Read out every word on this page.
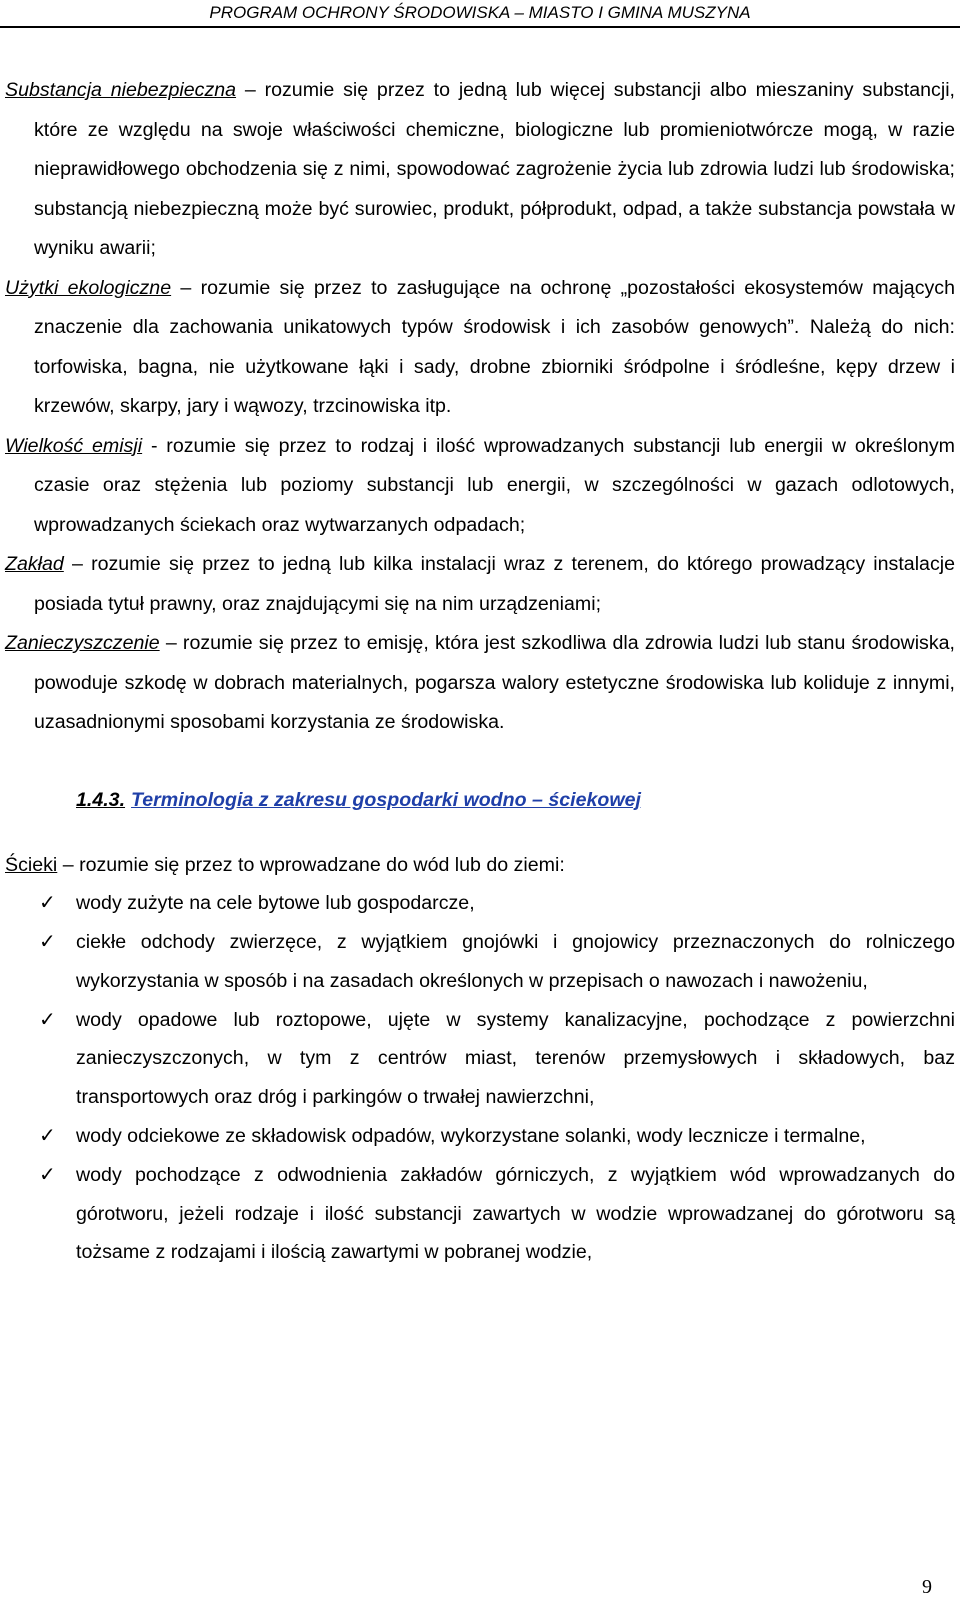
PROGRAM OCHRONY ŚRODOWISKA – MIASTO I GMINA MUSZYNA

Substancja niebezpieczna – rozumie się przez to jedną lub więcej substancji albo mieszaniny substancji, które ze względu na swoje właściwości chemiczne, biologiczne lub promieniotwórcze mogą, w razie nieprawidłowego obchodzenia się z nimi, spowodować zagrożenie życia lub zdrowia ludzi lub środowiska; substancją niebezpieczną może być surowiec, produkt, półprodukt, odpad, a także substancja powstała w wyniku awarii;

Użytki ekologiczne – rozumie się przez to zasługujące na ochronę „pozostałości ekosystemów mających znaczenie dla zachowania unikatowych typów środowisk i ich zasobów genowych”. Należą do nich: torfowiska, bagna, nie użytkowane łąki i sady, drobne zbiorniki śródpolne i śródleśne, kępy drzew i krzewów, skarpy, jary i wąwozy, trzcinowiska itp.

Wielkość emisji - rozumie się przez to rodzaj i ilość wprowadzanych substancji lub energii w określonym czasie oraz stężenia lub poziomy substancji lub energii, w szczególności w gazach odlotowych, wprowadzanych ściekach oraz wytwarzanych odpadach;

Zakład – rozumie się przez to jedną lub kilka instalacji wraz z terenem, do którego prowadzący instalacje posiada tytuł prawny, oraz znajdującymi się na nim urządzeniami;

Zanieczyszczenie – rozumie się przez to emisję, która jest szkodliwa dla zdrowia ludzi lub stanu środowiska, powoduje szkodę w dobrach materialnych, pogarsza walory estetyczne środowiska lub koliduje z innymi, uzasadnionymi sposobami korzystania ze środowiska.

1.4.3. Terminologia z zakresu gospodarki wodno – ściekowej

Ścieki – rozumie się przez to wprowadzane do wód lub do ziemi:

✓ wody zużyte na cele bytowe lub gospodarcze,
✓ ciekłe odchody zwierzęce, z wyjątkiem gnojówki i gnojowicy przeznaczonych do rolniczego wykorzystania w sposób i na zasadach określonych w przepisach o nawozach i nawożeniu,
✓ wody opadowe lub roztopowe, ujęte w systemy kanalizacyjne, pochodzące z powierzchni zanieczyszczonych, w tym z centrów miast, terenów przemysłowych i składowych, baz transportowych oraz dróg i parkingów o trwałej nawierzchni,
✓ wody odciekowe ze składowisk odpadów, wykorzystane solanki, wody lecznicze i termalne,
✓ wody pochodzące z odwodnienia zakładów górniczych, z wyjątkiem wód wprowadzanych do górotworu, jeżeli rodzaje i ilość substancji zawartych w wodzie wprowadzanej do górotworu są tożsame z rodzajami i ilością zawartymi w pobranej wodzie,
9
